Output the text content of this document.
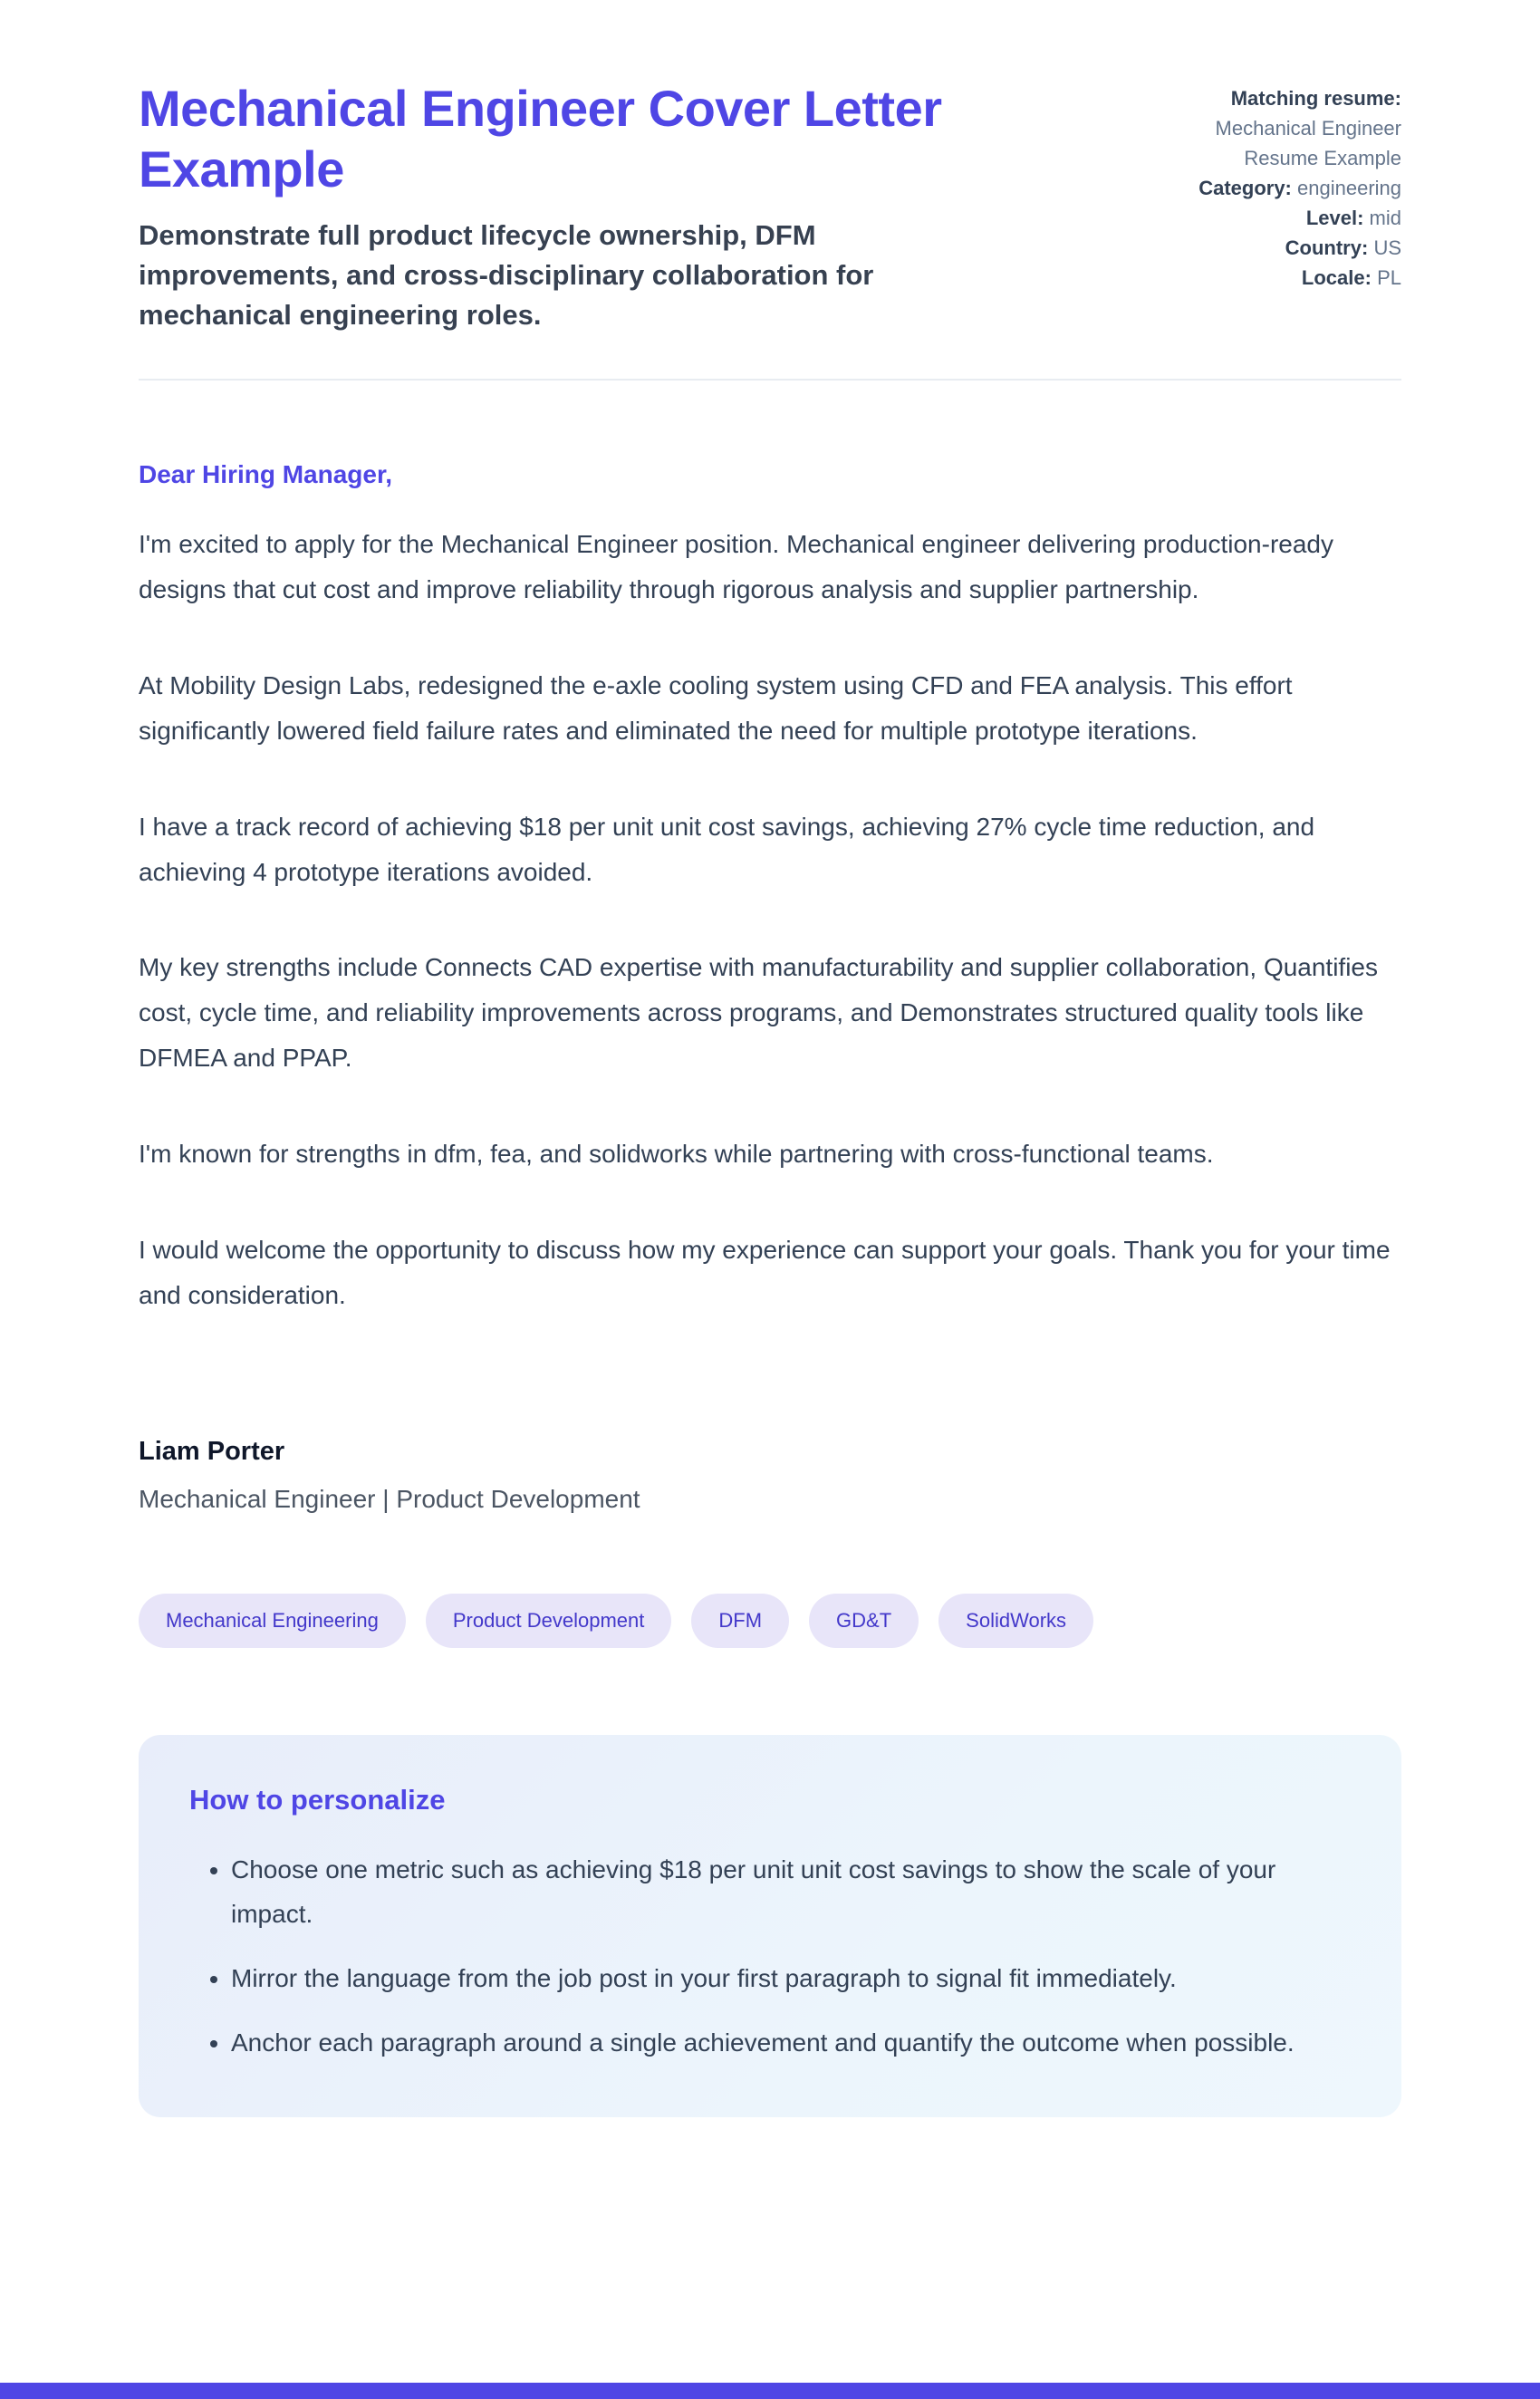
Mechanical Engineer Cover Letter Example

Demonstrate full product lifecycle ownership, DFM improvements, and cross-disciplinary collaboration for mechanical engineering roles.

Matching resume: Mechanical Engineer Resume Example
Category: engineering
Level: mid
Country: US
Locale: PL

Dear Hiring Manager,

I'm excited to apply for the Mechanical Engineer position. Mechanical engineer delivering production-ready designs that cut cost and improve reliability through rigorous analysis and supplier partnership.

At Mobility Design Labs, redesigned the e-axle cooling system using CFD and FEA analysis. This effort significantly lowered field failure rates and eliminated the need for multiple prototype iterations.

I have a track record of achieving $18 per unit unit cost savings, achieving 27% cycle time reduction, and achieving 4 prototype iterations avoided.

My key strengths include Connects CAD expertise with manufacturability and supplier collaboration, Quantifies cost, cycle time, and reliability improvements across programs, and Demonstrates structured quality tools like DFMEA and PPAP.

I'm known for strengths in dfm, fea, and solidworks while partnering with cross-functional teams.

I would welcome the opportunity to discuss how my experience can support your goals. Thank you for your time and consideration.

Liam Porter

Mechanical Engineer | Product Development

Mechanical Engineering	Product Development	DFM	GD&T	SolidWorks
How to personalize
• Choose one metric such as achieving $18 per unit unit cost savings to show the scale of your impact.
• Mirror the language from the job post in your first paragraph to signal fit immediately.
• Anchor each paragraph around a single achievement and quantify the outcome when possible.
